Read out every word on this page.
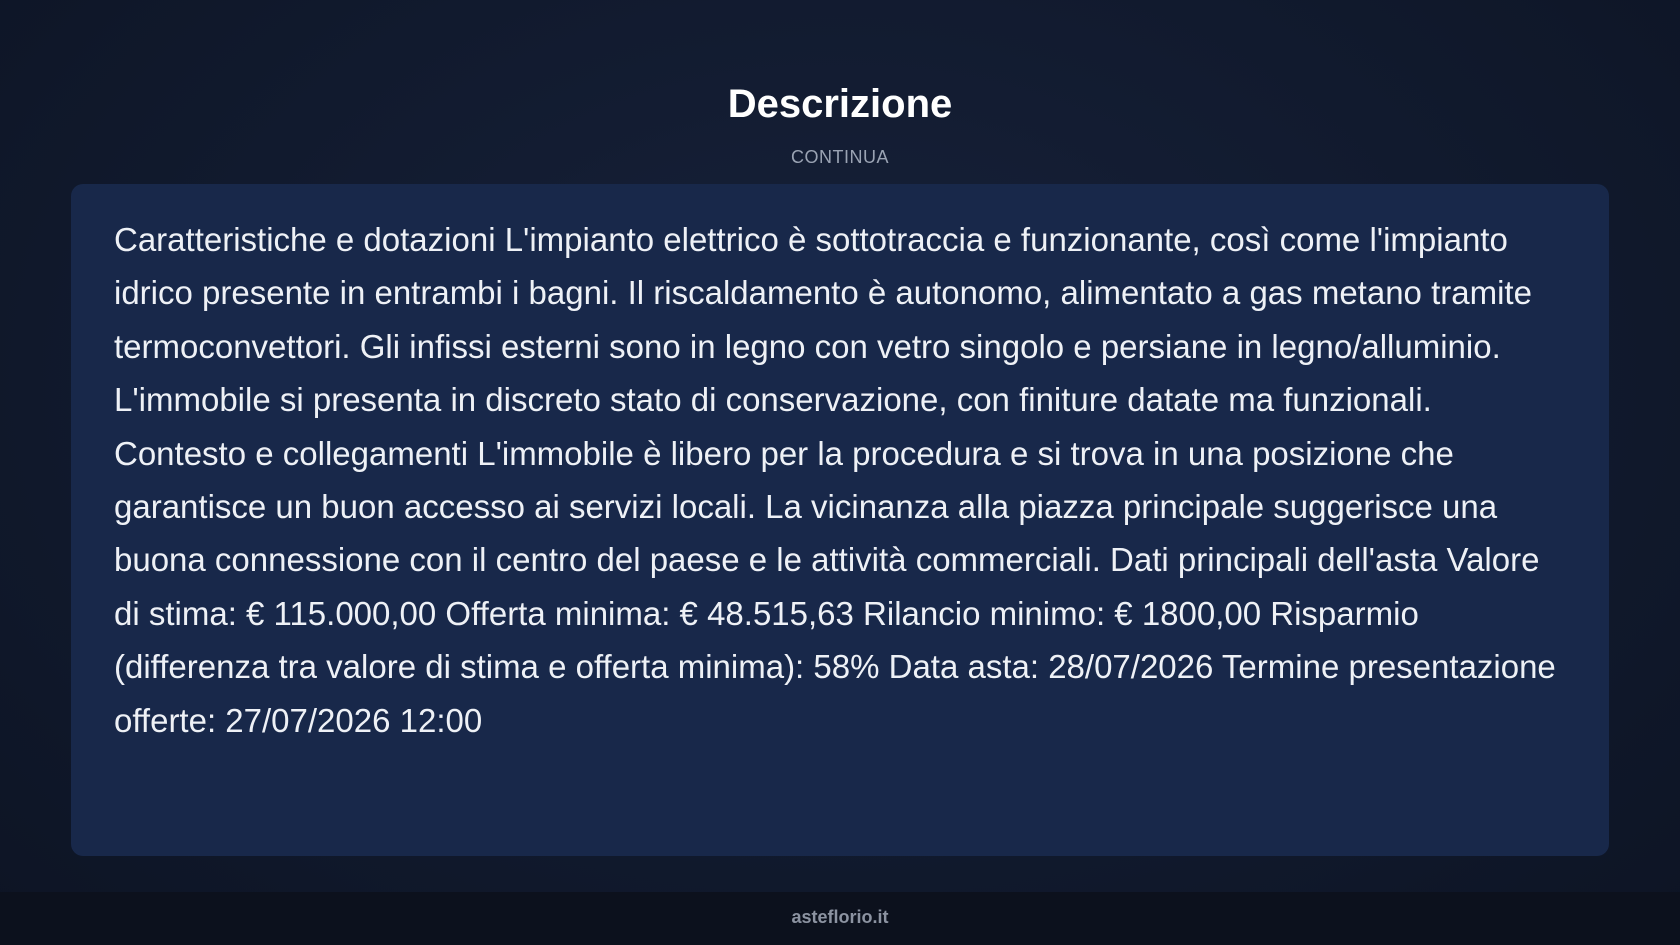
Descrizione
CONTINUA

Caratteristiche e dotazioni L'impianto elettrico è sottotraccia e funzionante, così come l'impianto idrico presente in entrambi i bagni. Il riscaldamento è autonomo, alimentato a gas metano tramite termoconvettori. Gli infissi esterni sono in legno con vetro singolo e persiane in legno/alluminio. L'immobile si presenta in discreto stato di conservazione, con finiture datate ma funzionali. Contesto e collegamenti L'immobile è libero per la procedura e si trova in una posizione che garantisce un buon accesso ai servizi locali. La vicinanza alla piazza principale suggerisce una buona connessione con il centro del paese e le attività commerciali. Dati principali dell'asta Valore di stima: € 115.000,00 Offerta minima: € 48.515,63 Rilancio minimo: € 1800,00 Risparmio (differenza tra valore di stima e offerta minima): 58% Data asta: 28/07/2026 Termine presentazione offerte: 27/07/2026 12:00

asteflorio.it
